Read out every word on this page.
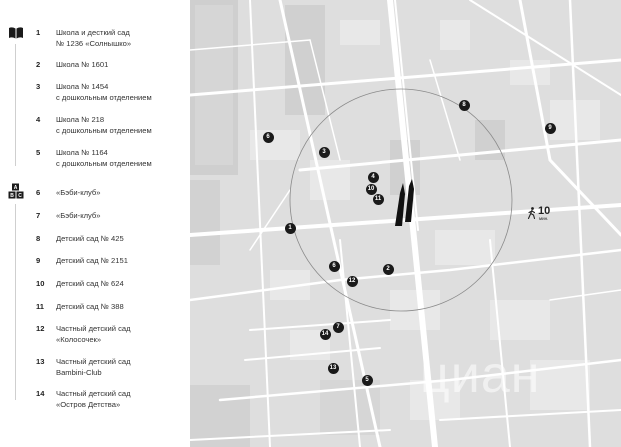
A
B C
1 Школа и десткий сад
№ 1236 «Солнышко»
2 Школа № 1601
3 Школа № 1454
с дошкольным отделением
4 Школа № 218
с дошкольным отделением
5 Школа № 1164
с дошкольным отделением
6 «Бэби-клуб»
7 «Бэби-клуб»
8 Детский сад № 425
9 Детский сад № 2151
10 Детский сад № 624
11 Детский сад № 388
12 Частный детский сад
«Колосочек»
13 Частный детский сад
Bambini-Club
14 Частный детский сад
«Остров Детства»	циан
1
2
3
4
5
6
6
7
8
9
10
11
12
13
14
10
мин.
